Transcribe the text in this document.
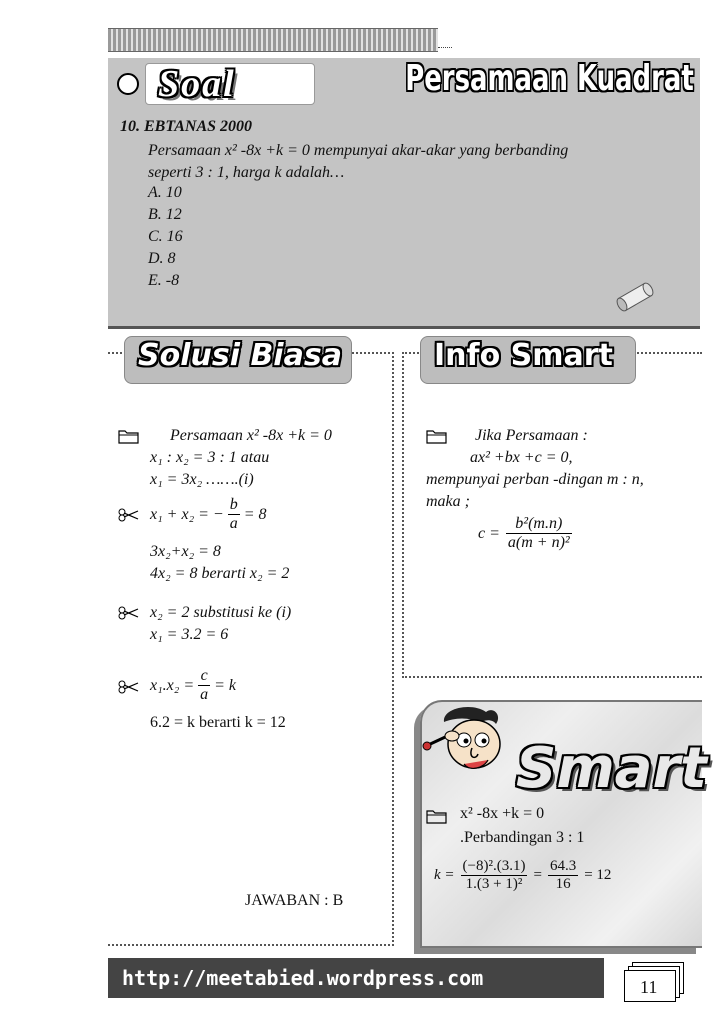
Soal	Persamaan Kuadrat
10. EBTANAS 2000
Persamaan x² -8x +k = 0 mempunyai akar-akar yang berbanding
seperti 3 : 1, harga k adalah…
A. 10
B. 12
C. 16
D. 8
E. -8
Solusi Biasa
Persamaan x² -8x +k = 0
x₁ : x₂ = 3 : 1 atau
x₁ = 3x₂ …….(i)
x₁ + x₂ = − $\frac{b}{a} = 8$
3x₂+x₂ = 8
4x₂ = 8 berarti x₂ = 2
x₂ = 2 substitusi ke (i)
x₁ = 3.2 = 6
$x_1.x_2 = \frac{c}{a} = k$
6.2 = k berarti k = 12
JAWABAN : B
Info Smart
Jika Persamaan :
ax² +bx +c = 0,
mempunyai perban -dingan m : n,
maka ;
$c = \frac{\text{b²(m.n)}}{\text{a(m + n)²}}$
Smart
x² -8x +k = 0
.Perbandingan 3 : 1
$k = \frac{\text{(−8)².(3.1)}}{\text{1.(3 + 1)²}} = \frac{64.3}{16} = 12$
http://meetabied.wordpress.com	11
